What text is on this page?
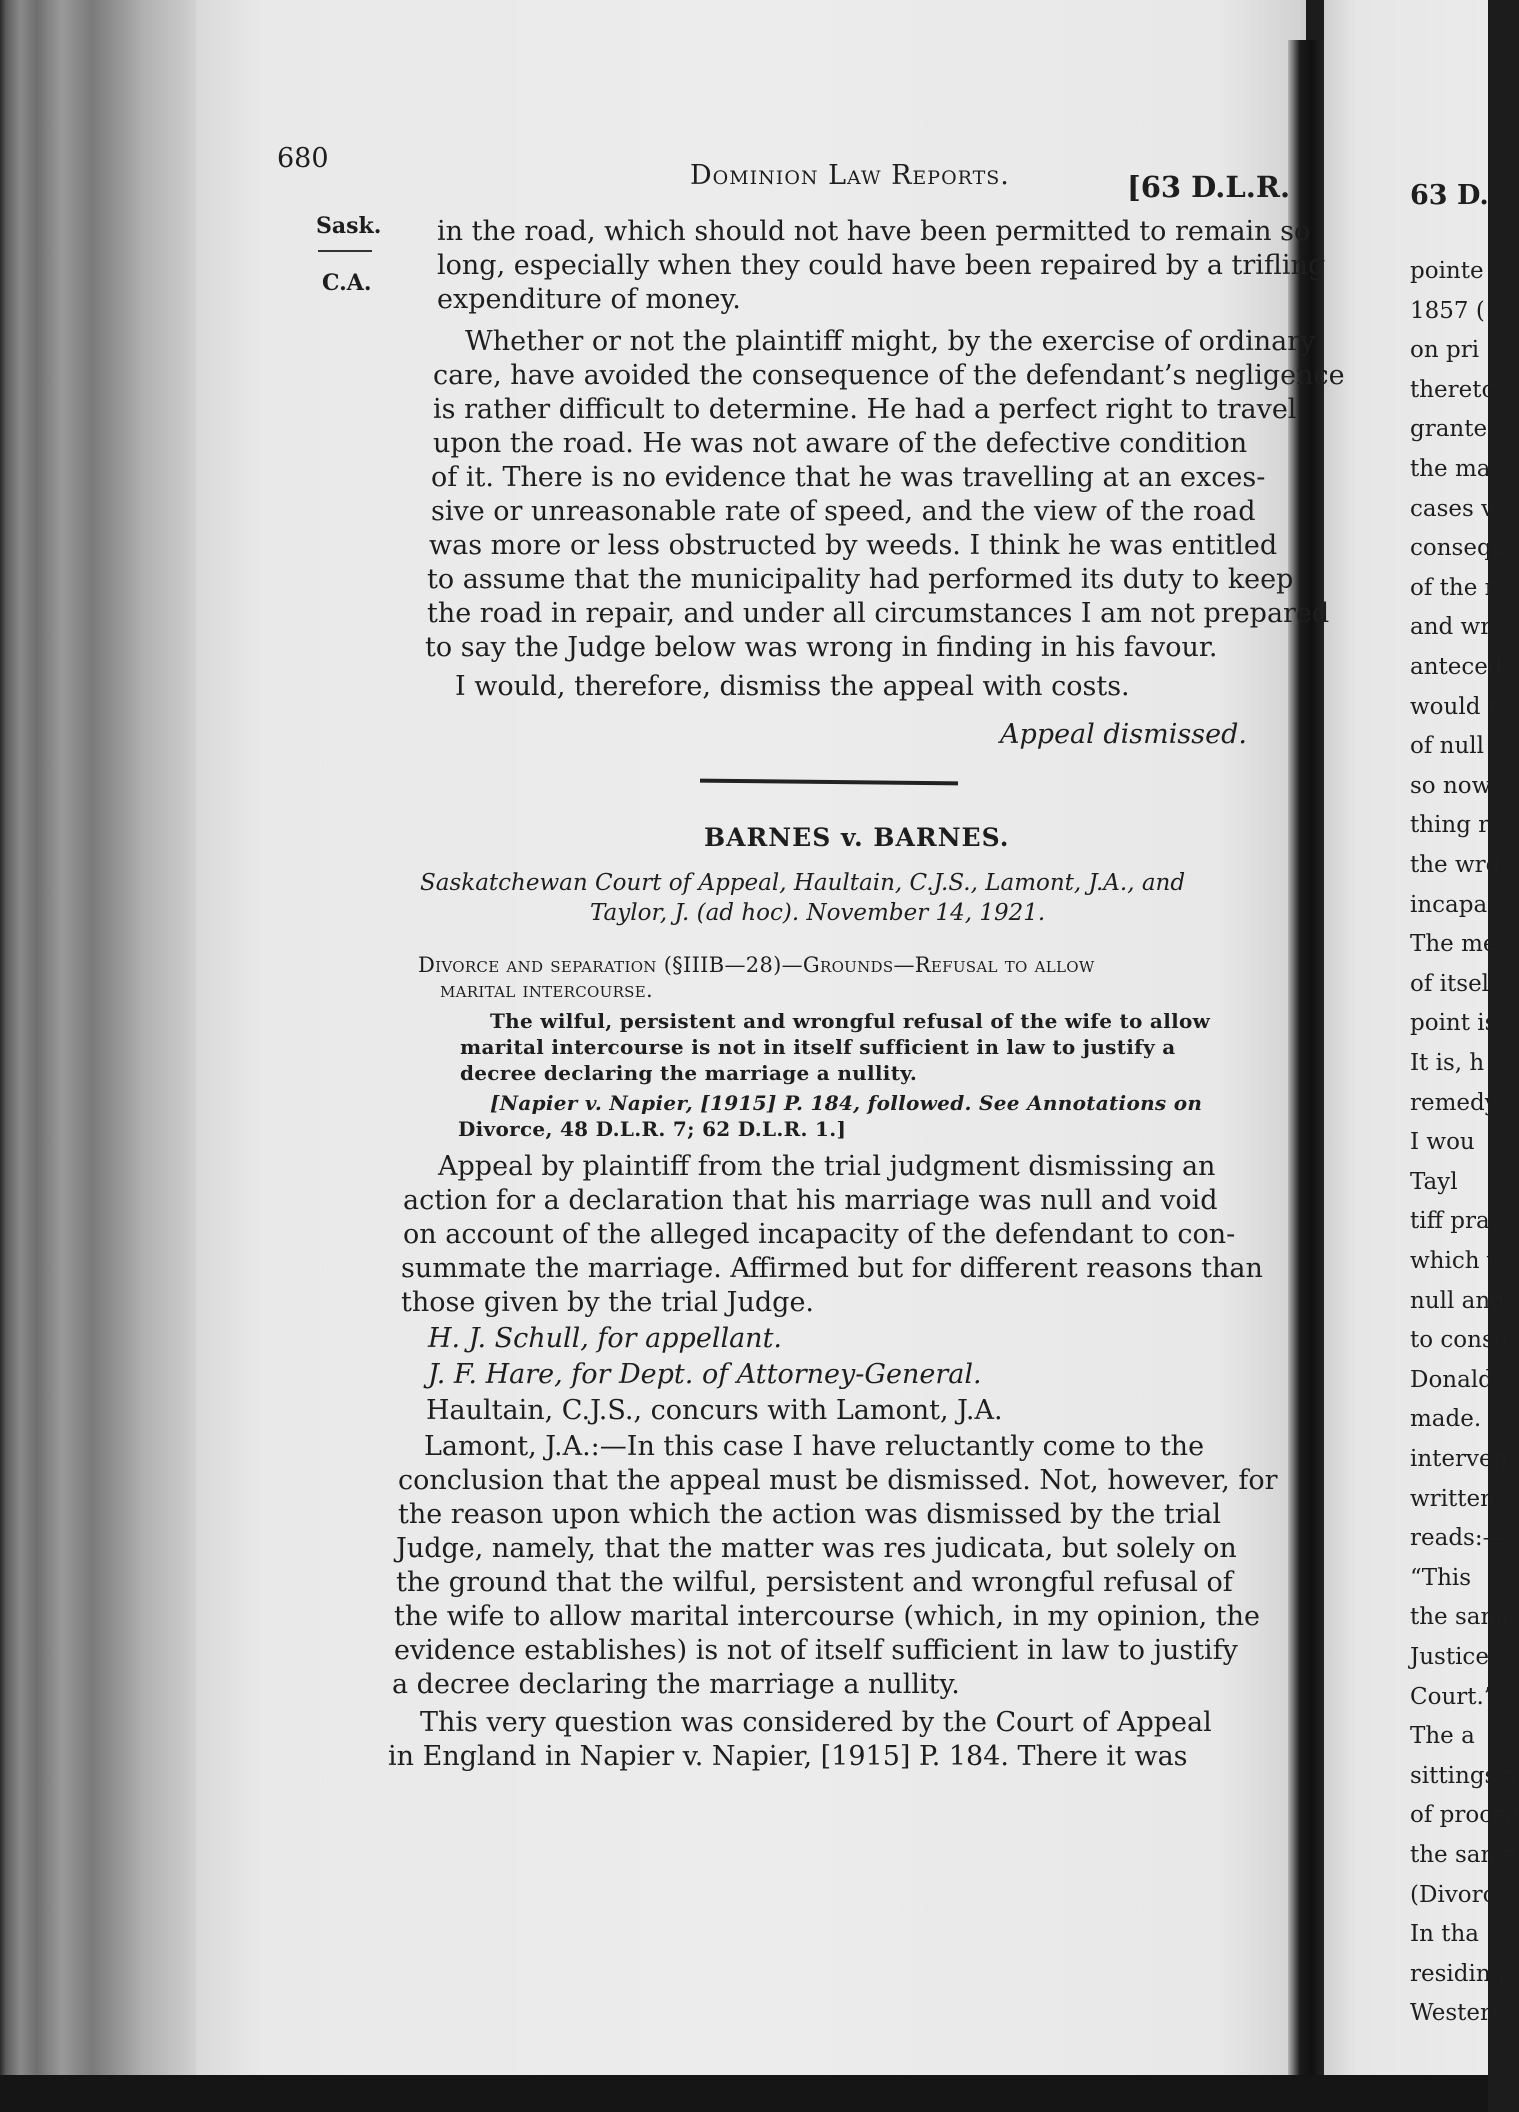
63 D.
pointe
1857 (
on pri
theretc
grantec
the ma
cases v
consequ
of the r
and wr
anteced
would r
of null
so now.
thing r
the wro
incapac
The me
of itsel
point is
It is, h
remedy
I wou
Tayl
tiff pray
which v
null and
to consu
Donald,
made.
interven
written
reads:—
“This
the same
Justice
Court.”
The a
sittings a
of procee
the same
(Divorce
In tha
residing
Western
680
Dominion Law Reports.	[63 D.L.R.
Sask.
C.A.
in the road, which should not have been permitted to remain so
long, especially when they could have been repaired by a trifling
expenditure of money.
Whether or not the plaintiff might, by the exercise of ordinary
care, have avoided the consequence of the defendant’s negligence
is rather difficult to determine. He had a perfect right to travel
upon the road. He was not aware of the defective condition
of it. There is no evidence that he was travelling at an exces-
sive or unreasonable rate of speed, and the view of the road
was more or less obstructed by weeds. I think he was entitled
to assume that the municipality had performed its duty to keep
the road in repair, and under all circumstances I am not prepared
to say the Judge below was wrong in finding in his favour.
I would, therefore, dismiss the appeal with costs.
Appeal dismissed.
BARNES v. BARNES.
Saskatchewan Court of Appeal, Haultain, C.J.S., Lamont, J.A., and
Taylor, J. (ad hoc). November 14, 1921.
Divorce and separation (§IIIB—28)—Grounds—Refusal to allow
marital intercourse.
The wilful, persistent and wrongful refusal of the wife to allow
marital intercourse is not in itself sufficient in law to justify a
decree declaring the marriage a nullity.
[Napier v. Napier, [1915] P. 184, followed. See Annotations on
Divorce, 48 D.L.R. 7; 62 D.L.R. 1.]
Appeal by plaintiff from the trial judgment dismissing an
action for a declaration that his marriage was null and void
on account of the alleged incapacity of the defendant to con-
summate the marriage. Affirmed but for different reasons than
those given by the trial Judge.
H. J. Schull, for appellant.
J. F. Hare, for Dept. of Attorney-General.
Haultain, C.J.S., concurs with Lamont, J.A.
Lamont, J.A.:—In this case I have reluctantly come to the
conclusion that the appeal must be dismissed. Not, however, for
the reason upon which the action was dismissed by the trial
Judge, namely, that the matter was res judicata, but solely on
the ground that the wilful, persistent and wrongful refusal of
the wife to allow marital intercourse (which, in my opinion, the
evidence establishes) is not of itself sufficient in law to justify
a decree declaring the marriage a nullity.
This very question was considered by the Court of Appeal
in England in Napier v. Napier, [1915] P. 184. There it was
